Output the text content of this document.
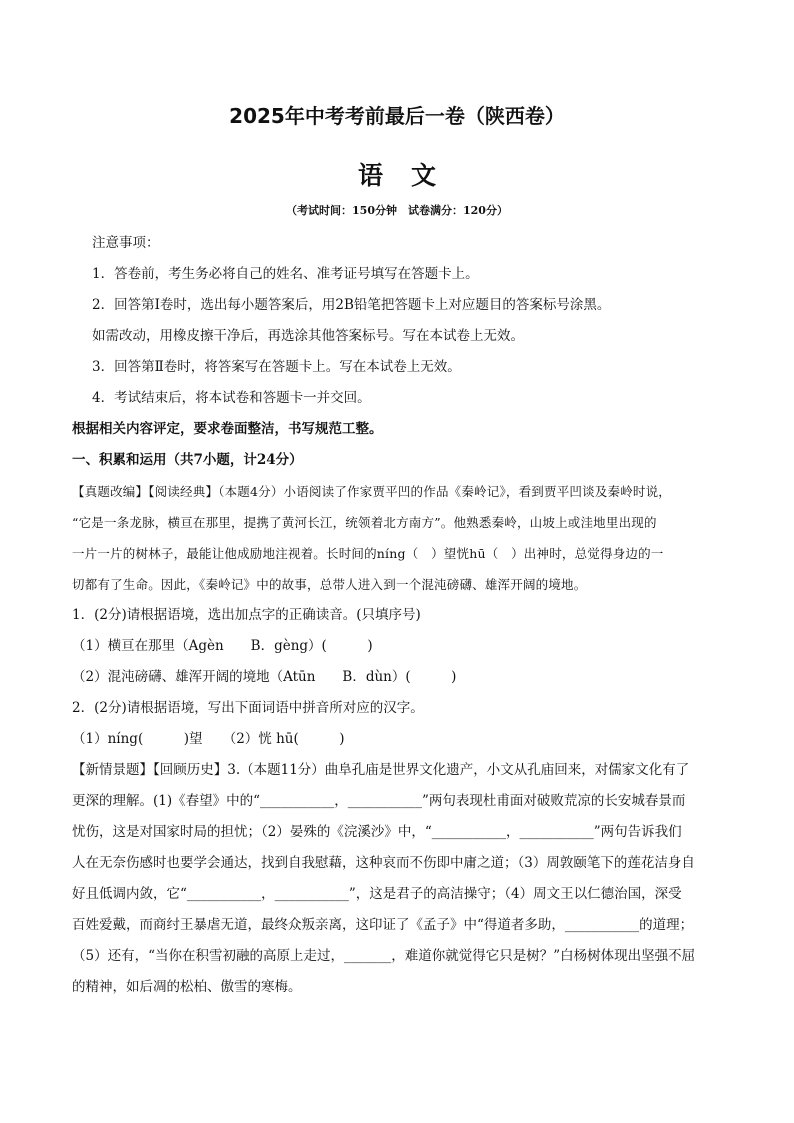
2025年中考考前最后一卷（陕西卷）
语文
（考试时间：150分钟　试卷满分：120分）
注意事项：
1．答卷前，考生务必将自己的姓名、准考证号填写在答题卡上。
2．回答第Ⅰ卷时，选出每小题答案后，用2B铅笔把答题卡上对应题目的答案标号涂黑。
如需改动，用橡皮擦干净后，再选涂其他答案标号。写在本试卷上无效。
3．回答第Ⅱ卷时，将答案写在答题卡上。写在本试卷上无效。
4．考试结束后，将本试卷和答题卡一并交回。
根据相关内容评定，要求卷面整洁，书写规范工整。
一、积累和运用（共7小题，计24分）
【真题改编】【阅读经典】（本题4分）小语阅读了作家贾平凹的作品《秦岭记》，看到贾平凹谈及秦岭时说，
“它是一条龙脉，横亘在那里，提携了黄河长江，统领着北方南方”。他熟悉秦岭，山坡上或洼地里出现的
一片一片的树林子，最能让他成励地注视着。长时间的níng（　）望恍hū（　）出神时，总觉得身边的一
切都有了生命。因此，《秦岭记》中的故事，总带人进入到一个混沌磅礴、雄浑开阔的境地。
1．(2分)请根据语境，选出加点字的正确读音。(只填序号)
（1）横亘在那里（Agèn　　B．gèng）(　　　)
（2）混沌磅礴、雄浑开阔的境地（Atūn　　B．dùn）(　　　)
2．(2分)请根据语境，写出下面词语中拼音所对应的汉字。
（1）níng(　　　)望　　（2）恍 hū(　　　)
【新情景题】【回顾历史】3.（本题11分）曲阜孔庙是世界文化遗产，小文从孔庙回来，对儒家文化有了
更深的理解。(1)《春望》中的“___________，___________”两句表现杜甫面对破败荒凉的长安城春景而
忧伤，这是对国家时局的担忧；（2）晏殊的《浣溪沙》中，“___________，___________”两句告诉我们
人在无奈伤感时也要学会通达，找到自我慰藉，这种哀而不伤即中庸之道；（3）周敦颐笔下的莲花洁身自
好且低调内敛，它“___________，___________”，这是君子的高洁操守；（4）周文王以仁德治国，深受
百姓爱戴，而商纣王暴虐无道，最终众叛亲离，这印证了《孟子》中“得道者多助，___________的道理；
（5）还有，“当你在积雪初融的高原上走过，_______，难道你就觉得它只是树？”白杨树体现出坚强不屈
的精神，如后凋的松柏、傲雪的寒梅。
